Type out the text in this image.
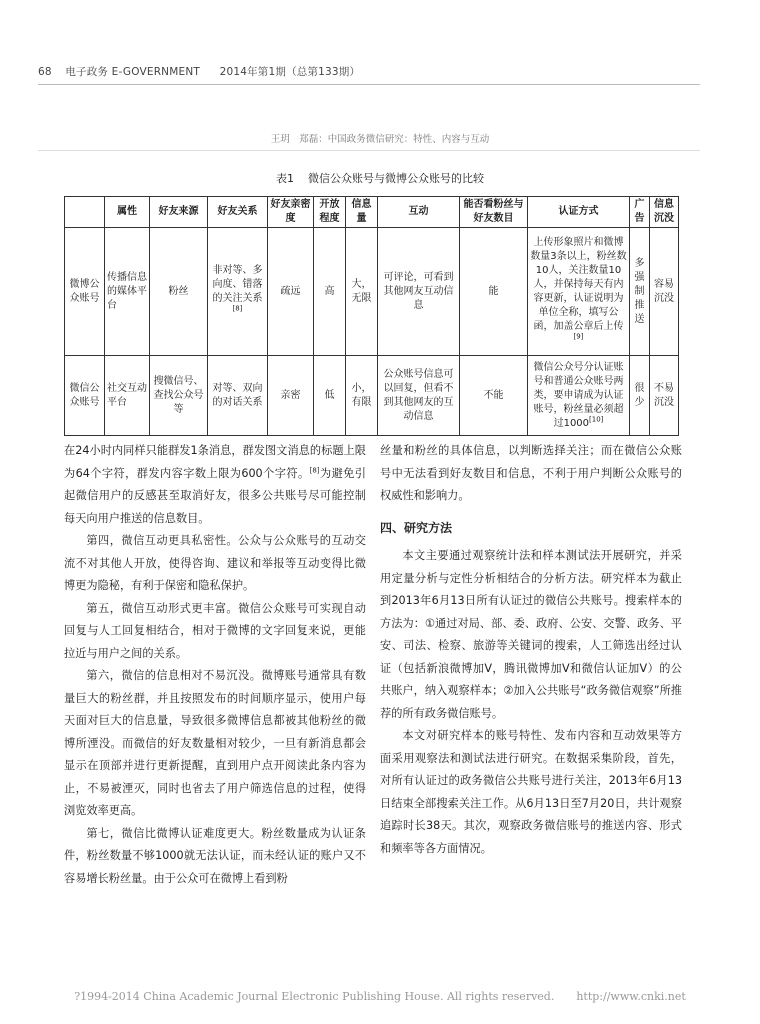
68 电子政务 E-GOVERNMENT 2014年第1期（总第133期）
王玥　郑磊：中国政务微信研究：特性、内容与互动
表1 微信公众账号与微博公众账号的比较
	属性	好友来源	好友关系	好友亲密度	开放程度	信息量	互动	能否看粉丝与好友数目	认证方式	广告	信息沉没
微博公众账号	传播信息的媒体平台	粉丝	非对等、多向度、错落的关注关系[8]	疏远	高	大，无限	可评论，可看到其他网友互动信息	能	上传形象照片和微博数量3条以上，粉丝数10人，关注数量10人，并保持每天有内容更新，认证说明为单位全称，填写公函，加盖公章后上传[9]	多强制推送	容易沉没
微信公众账号	社交互动平台	搜微信号、查找公众号等	对等、双向的对话关系	亲密	低	小，有限	公众账号信息可以回复，但看不到其他网友的互动信息	不能	微信公众号分认证账号和普通公众账号两类，要申请成为认证账号，粉丝量必须超过1000[10]	很少	不易沉没

在24小时内同样只能群发1条消息，群发图文消息的标题上限为64个字符，群发内容字数上限为600个字符。[8]为避免引起微信用户的反感甚至取消好友，很多公共账号尽可能控制每天向用户推送的信息数目。

第四，微信互动更具私密性。公众与公众账号的互动交流不对其他人开放，使得咨询、建议和举报等互动变得比微博更为隐秘，有利于保密和隐私保护。

第五，微信互动形式更丰富。微信公众账号可实现自动回复与人工回复相结合，相对于微博的文字回复来说，更能拉近与用户之间的关系。

第六，微信的信息相对不易沉没。微博账号通常具有数量巨大的粉丝群，并且按照发布的时间顺序显示，使用户每天面对巨大的信息量，导致很多微博信息都被其他粉丝的微博所湮没。而微信的好友数量相对较少，一旦有新消息都会显示在顶部并进行更新提醒，直到用户点开阅读此条内容为止，不易被湮灭，同时也省去了用户筛选信息的过程，使得浏览效率更高。

第七，微信比微博认证难度更大。粉丝数量成为认证条件，粉丝数量不够1000就无法认证，而未经认证的账户又不容易增长粉丝量。由于公众可在微博上看到粉

丝量和粉丝的具体信息，以判断选择关注；而在微信公众账号中无法看到好友数目和信息，不利于用户判断公众账号的权威性和影响力。

四、研究方法

本文主要通过观察统计法和样本测试法开展研究，并采用定量分析与定性分析相结合的分析方法。研究样本为截止到2013年6月13日所有认证过的微信公共账号。搜索样本的方法为：①通过对局、部、委、政府、公安、交警、政务、平安、司法、检察、旅游等关键词的搜索，人工筛选出经过认证（包括新浪微博加V，腾讯微博加V和微信认证加V）的公共账户，纳入观察样本；②加入公共账号“政务微信观察”所推荐的所有政务微信账号。

本文对研究样本的账号特性、发布内容和互动效果等方面采用观察法和测试法进行研究。在数据采集阶段，首先，对所有认证过的政务微信公共账号进行关注，2013年6月13日结束全部搜索关注工作。从6月13日至7月20日，共计观察追踪时长38天。其次，观察政务微信账号的推送内容、形式和频率等各方面情况。

?1994-2014 China Academic Journal Electronic Publishing House. All rights reserved.　　http://www.cnki.net
